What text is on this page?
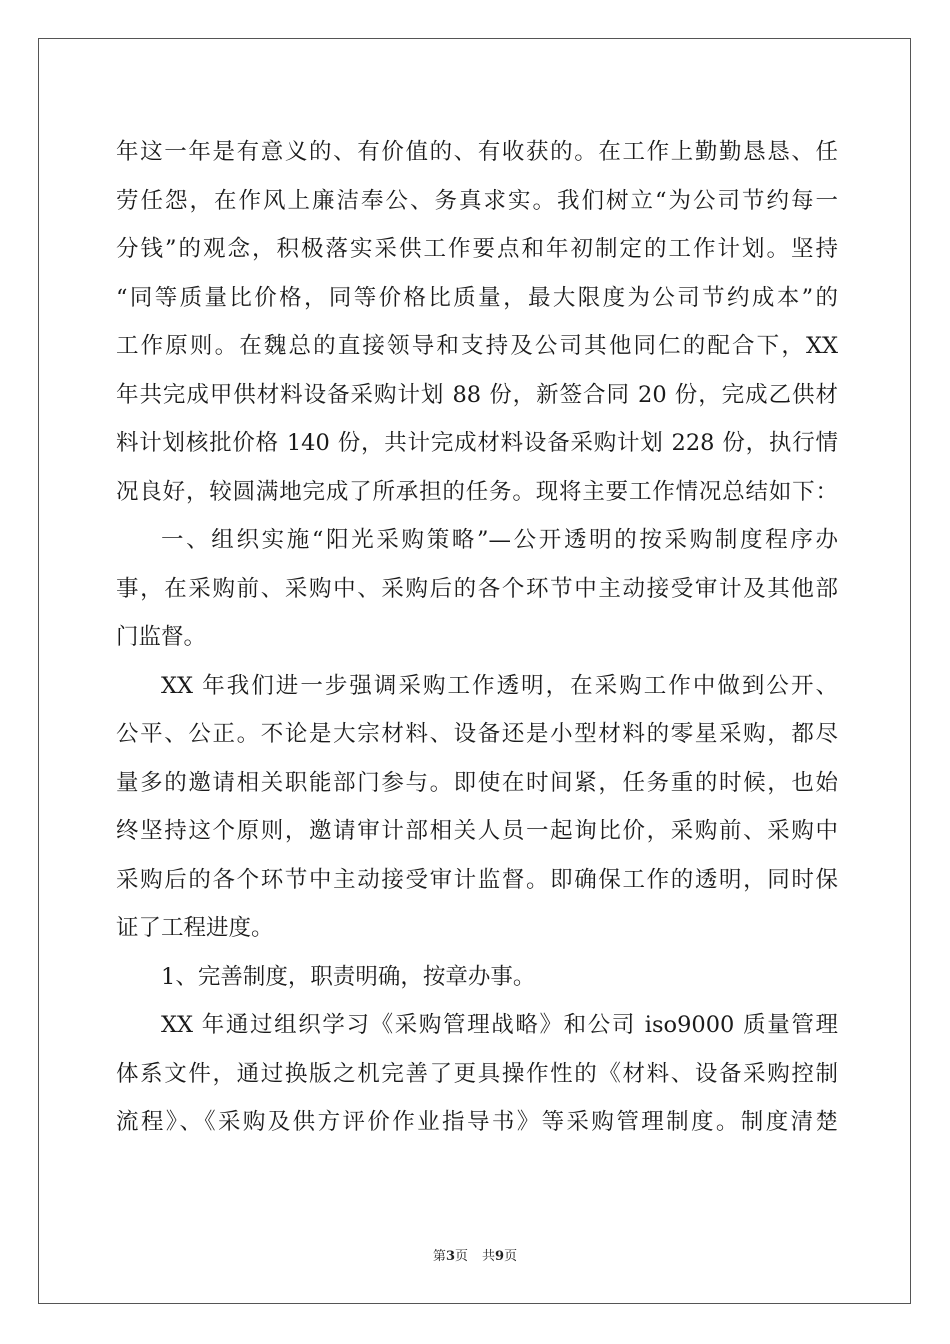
年这一年是有意义的、有价值的、有收获的。在工作上勤勤恳恳、任
劳任怨，在作风上廉洁奉公、务真求实。我们树立“为公司节约每一
分钱”的观念，积极落实采供工作要点和年初制定的工作计划。坚持
“同等质量比价格，同等价格比质量，最大限度为公司节约成本”的
工作原则。在魏总的直接领导和支持及公司其他同仁的配合下，XX
年共完成甲供材料设备采购计划 88 份，新签合同 20 份，完成乙供材
料计划核批价格 140 份，共计完成材料设备采购计划 228 份，执行情
况良好，较圆满地完成了所承担的任务。现将主要工作情况总结如下：
一、组织实施“阳光采购策略”—公开透明的按采购制度程序办
事，在采购前、采购中、采购后的各个环节中主动接受审计及其他部
门监督。
XX 年我们进一步强调采购工作透明，在采购工作中做到公开、
公平、公正。不论是大宗材料、设备还是小型材料的零星采购，都尽
量多的邀请相关职能部门参与。即使在时间紧，任务重的时候，也始
终坚持这个原则，邀请审计部相关人员一起询比价，采购前、采购中
采购后的各个环节中主动接受审计监督。即确保工作的透明，同时保
证了工程进度。
1、完善制度，职责明确，按章办事。
XX 年通过组织学习《采购管理战略》和公司 iso9000 质量管理
体系文件，通过换版之机完善了更具操作性的《材料、设备采购控制
流程》、《采购及供方评价作业指导书》等采购管理制度。制度清楚
第3页 共9页
